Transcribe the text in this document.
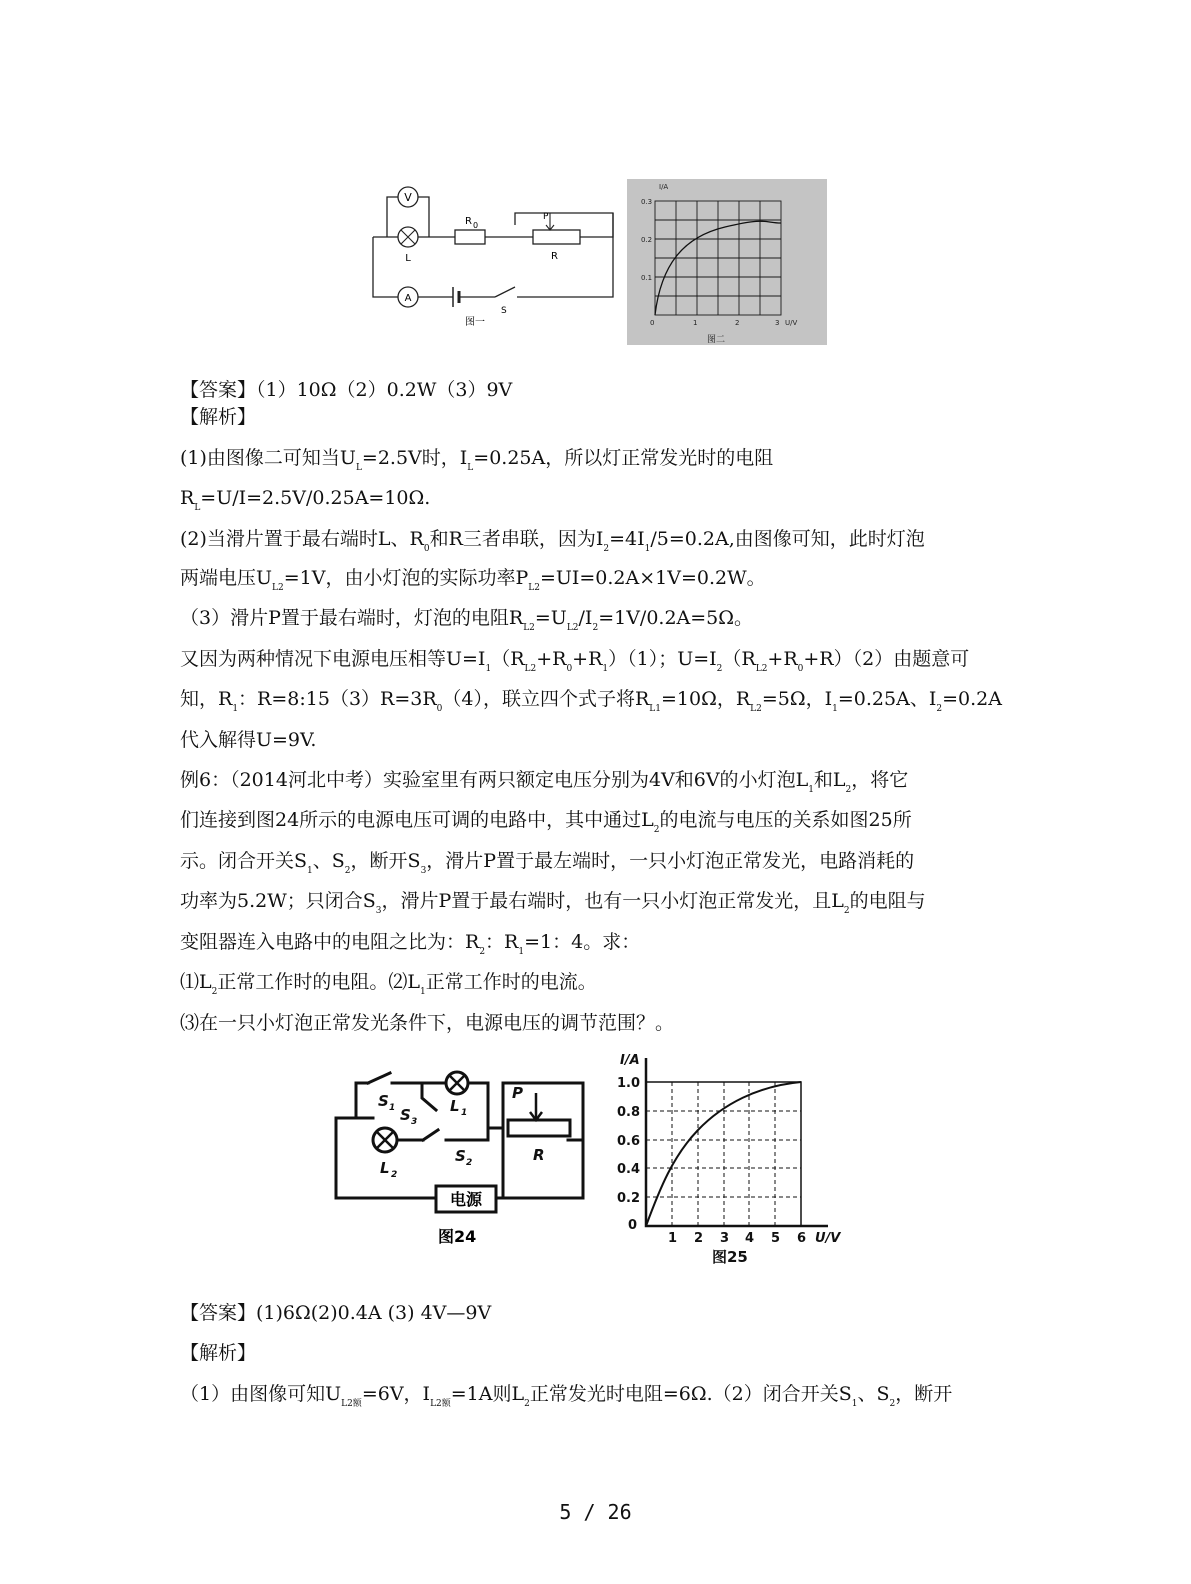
V
L
R 0
P
R
A
S
图一
I/A
0.3
0.2
0.1
0	1	2	3 U/V
图二
【答案】（1）10Ω（2）0.2W（3）9V
【解析】
(1)由图像二可知当$U_L=2.5V$时，$I_L=0.25A$，所以灯正常发光时的电阻
$R_L=U/I=2.5V/0.25A=10\Omega$.
(2)当滑片置于最右端时L、$R_0$和R三者串联，因为$I_2=4I_1/5=0.2A$,由图像可知，此时灯泡
两端电压$U_{L2}=1V$，由小灯泡的实际功率$P_{L2}=UI=0.2A\times 1V=0.2W$。
（3）滑片P置于最右端时，灯泡的电阻$R_{L2}=U_{L2}/I_2=1V/0.2A=5\Omega$。
又因为两种情况下电源电压相等$U=I_1(R_{L2}+R_0+R_1)(1)$；$U=I_2(R_{L2}+R_0+R)(2)$由题意可
知，$R_1$：$R=8:15(3)R=3R_0(4)$，联立四个式子将$R_{L1}=10\Omega$，$R_{L2}=5\Omega$，$I_1=0.25A$、$I_2=0.2A$
代入解得U=9V.
例6：（2014河北中考）实验室里有两只额定电压分别为4V和6V的小灯泡$L_1$和$L_2$，将它
们连接到图24所示的电源电压可调的电路中，其中通过$L_2$的电流与电压的关系如图25所
示。闭合开关$S_1$、$S_2$，断开$S_3$，滑片P置于最左端时，一只小灯泡正常发光，电路消耗的
功率为5.2W；只闭合$S_3$，滑片P置于最右端时，也有一只小灯泡正常发光，且$L_2$的电阻与
变阻器连入电路中的电阻之比为：$R_2$：$R_1=1$：4。求：
$⑴L_2$正常工作时的电阻。$⑵L_1$正常工作时的电流。
⑶在一只小灯泡正常发光条件下，电源电压的调节范围？。
电源
S 1 S 3
L 1
P
R
L 2
S 2
图24
I/A
1.0
0.8
0.6
0.4
0.2
0
1 2 3 4 5 6 U/V
图25
【答案】(1)6Ω(2)0.4A (3) 4V—9V
【解析】
（1）由图像可知$U_{L2额}=6V$，$I_{L2额}=1A$则$L_2$正常发光时电阻=6Ω.（2）闭合开关$S_1$、$S_2$，断开
5 / 26
